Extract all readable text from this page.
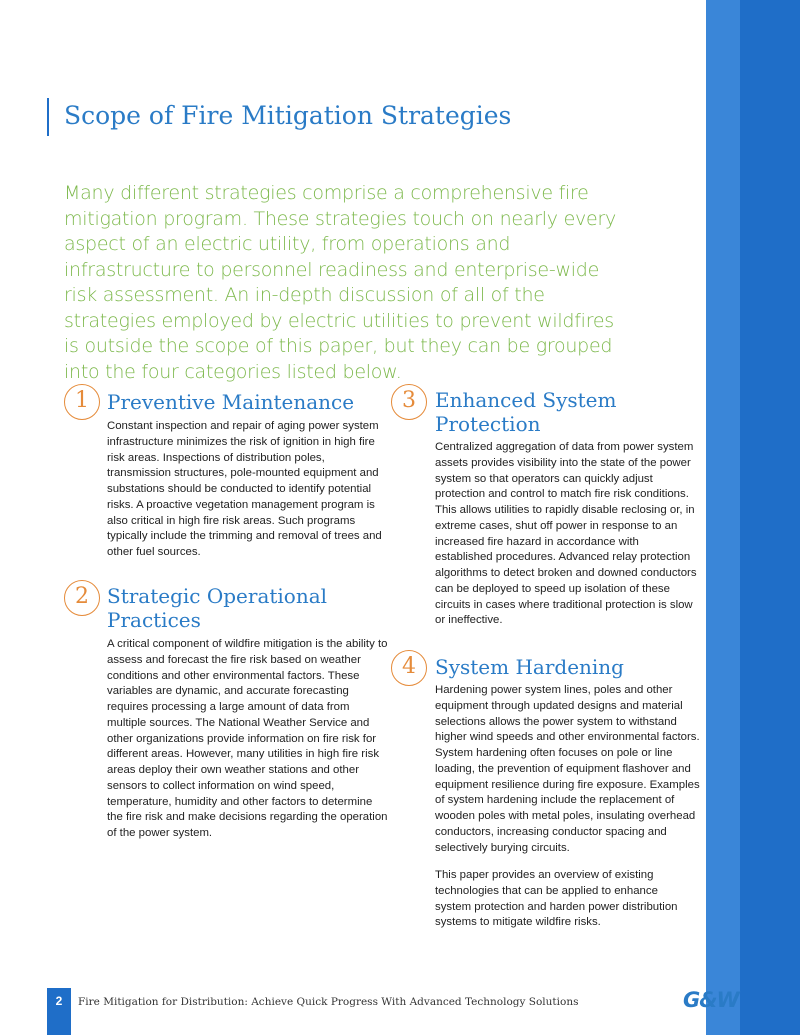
Scope of Fire Mitigation Strategies

Many different strategies comprise a comprehensive fire mitigation program. These strategies touch on nearly every aspect of an electric utility, from operations and infrastructure to personnel readiness and enterprise-wide risk assessment. An in-depth discussion of all of the strategies employed by electric utilities to prevent wildfires is outside the scope of this paper, but they can be grouped into the four categories listed below.

1 Preventive Maintenance

Constant inspection and repair of aging power system infrastructure minimizes the risk of ignition in high fire risk areas. Inspections of distribution poles, transmission structures, pole-mounted equipment and substations should be conducted to identify potential risks. A proactive vegetation management program is also critical in high fire risk areas. Such programs typically include the trimming and removal of trees and other fuel sources.

2 Strategic Operational Practices

A critical component of wildfire mitigation is the ability to assess and forecast the fire risk based on weather conditions and other environmental factors. These variables are dynamic, and accurate forecasting requires processing a large amount of data from multiple sources. The National Weather Service and other organizations provide information on fire risk for different areas. However, many utilities in high fire risk areas deploy their own weather stations and other sensors to collect information on wind speed, temperature, humidity and other factors to determine the fire risk and make decisions regarding the operation of the power system.

3 Enhanced System Protection

Centralized aggregation of data from power system assets provides visibility into the state of the power system so that operators can quickly adjust protection and control to match fire risk conditions. This allows utilities to rapidly disable reclosing or, in extreme cases, shut off power in response to an increased fire hazard in accordance with established procedures. Advanced relay protection algorithms to detect broken and downed conductors can be deployed to speed up isolation of these circuits in cases where traditional protection is slow or ineffective.

4 System Hardening

Hardening power system lines, poles and other equipment through updated designs and material selections allows the power system to withstand higher wind speeds and other environmental factors. System hardening often focuses on pole or line loading, the prevention of equipment flashover and equipment resilience during fire exposure. Examples of system hardening include the replacement of wooden poles with metal poles, insulating overhead conductors, increasing conductor spacing and selectively burying circuits.

This paper provides an overview of existing technologies that can be applied to enhance system protection and harden power distribution systems to mitigate wildfire risks.

2	Fire Mitigation for Distribution: Achieve Quick Progress With Advanced Technology Solutions	G&W
